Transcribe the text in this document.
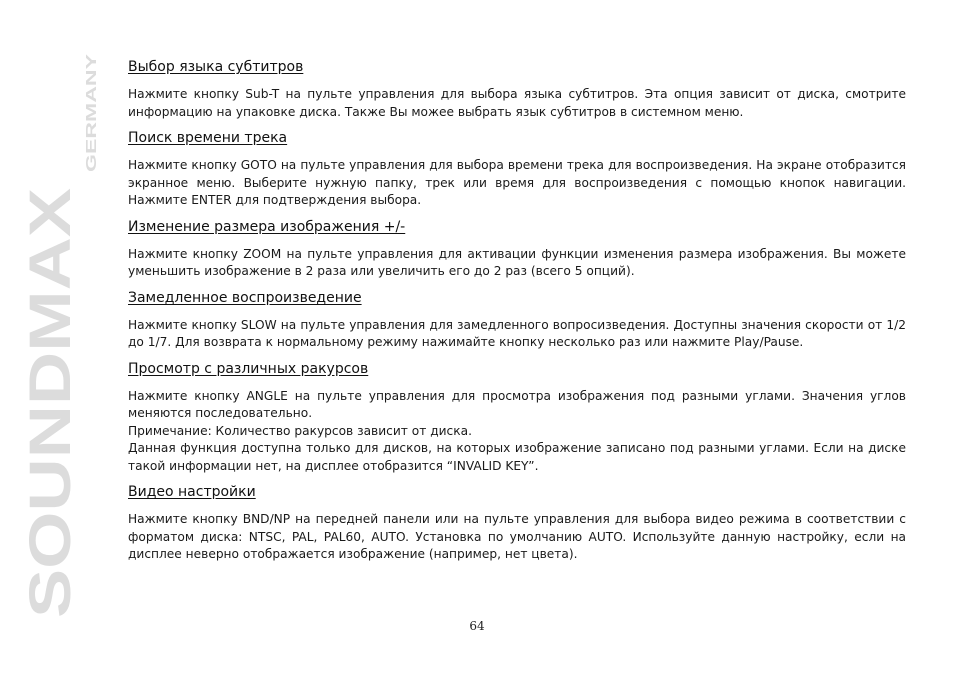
SOUNDMAX
GERMANY
Выбор языка субтитров

Нажмите кнопку Sub-T на пульте управления для выбора языка субтитров. Эта опция зависит от диска, смотрите информацию на упаковке диска. Также Вы можее выбрать язык субтитров в системном меню.

Поиск времени трека

Нажмите кнопку GOTO на пульте управления для выбора времени трека для воспроизведения. На экране отобразится экранное меню. Выберите нужную папку, трек или время для воспроизведения с помощью кнопок навигации. Нажмите ENTER для подтверждения выбора.

Изменение размера изображения +/-

Нажмите кнопку ZOOM на пульте управления для активации функции изменения размера изображения. Вы можете уменьшить изображение в 2 раза или увеличить его до 2 раз (всего 5 опций).

Замедленное воспроизведение

Нажмите кнопку SLOW на пульте управления для замедленного вопросизведения. Доступны значения скорости от 1/2 до 1/7. Для возврата к нормальному режиму нажимайте кнопку несколько раз или нажмите Play/Pause.

Просмотр с различных ракурсов

Нажмите кнопку ANGLE на пульте управления для просмотра изображения под разными углами. Значения углов меняются последовательно.

Примечание: Количество ракурсов зависит от диска.

Данная функция доступна только для дисков, на которых изображение записано под разными углами. Если на диске такой информации нет, на дисплее отобразится “INVALID KEY”.

Видео настройки

Нажмите кнопку BND/NP на передней панели или на пульте управления для выбора видео режима в соответствии с форматом диска: NTSC, PAL, PAL60, AUTO. Установка по умолчанию AUTO. Используйте данную настройку, если на дисплее неверно отображается изображение (например, нет цвета).

64
